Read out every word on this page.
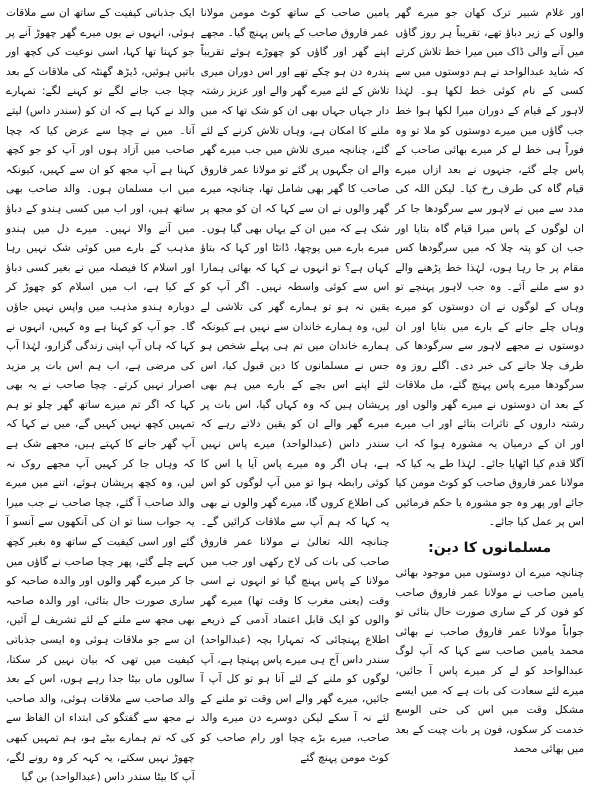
اور غلام شبیر ترک کھان جو میرے گھر والوں کے زیر دباؤ تھے، تقریباً ہر روز گاؤں میں آنے والی ڈاک میں میرا خط تلاش کرتے کہ شاید عبدالواحد نے ہم دوستوں میں سے کسی کے نام کوئی خط لکھا ہو۔ لہٰذا لاہور کے قیام کے دوران میرا لکھا ہوا خط جب گاؤں میں میرے دوستوں کو ملا تو وہ فوراً ہی خط لے کر میرے بھائی صاحب کے پاس چلے گئے، جنہوں نے بعد ازاں میرے قیام گاہ کی طرف رخ کیا۔ لیکن اللہ کی مدد سے میں نے لاہور سے سرگودھا جا کر ان لوگوں کے پاس میرا قیام گاہ بتایا اور جب ان کو پتہ چلا کہ میں سرگودھا کس مقام پر جا رہا ہوں، لہٰذا خط پڑھنے والے دو سے ملنے آئے۔ وہ جب لاہور پہنچے تو وہاں کے لوگوں نے ان دوستوں کو میرے وہاں چلے جانے کے بارے میں بتایا اور ان دوستوں نے مجھے لاہور سے سرگودھا کی طرف چلا جانے کی خبر دی۔ اگلے روز وہ سرگودھا میرے پاس پہنچ گئے، مل ملاقات کے بعد ان دوستوں نے میرے گھر والوں اور رشتہ داروں کے تاثرات بتائے اور اب میرے اور ان کے درمیان یہ مشورہ ہوا کہ اب آگلا قدم کیا اٹھایا جائے۔ لہٰذا طے یہ کیا کہ مولانا عمر فاروق صاحب کو کوٹ مومن کیا جائے اور پھر وہ جو مشورہ یا حکم فرمائیں اس پر عمل کیا جائے۔

مسلمانوں کا دین:

چنانچہ میرے ان دوستوں میں موجود بھائی یامین صاحب نے مولانا عمر فاروق صاحب کو فون کر کے ساری صورت حال بتائی تو جواباً مولانا عمر فاروق صاحب نے بھائی محمد یامین صاحب سے کہا کہ آپ لوگ عبدالواحد کو لے کر میرے پاس آ جائیں، میرے لئے سعادت کی بات ہے کہ میں ایسے مشکل وقت میں اس کی حتی الوسع خدمت کر سکوں، فون پر بات چیت کے بعد میں بھائی محمد

یامین صاحب کے ساتھ کوٹ مومن مولانا عمر فاروق صاحب کے پاس پہنچ گیا۔ مجھے اپنے گھر اور گاؤں کو چھوڑے ہوئے تقریباً پندرہ دن ہو چکے تھے اور اس دوران میری تلاش کے لئے میرے گھر والے اور عزیز رشتہ دار جہاں جہاں بھی ان کو شک تھا کہ میں ملنے کا امکان ہے، وہاں تلاش کرنے کے لئے گئے، چنانچہ میری تلاش میں جب میرے گھر والے ان جگہوں پر گئے تو مولانا عمر فاروق صاحب کا گھر بھی شامل تھا، چنانچہ میرے گھر والوں نے ان سے کہا کہ ان کو مجھ پر شک ہے کہ میں ان کے یہاں بھی گیا ہوں۔ میرے بارے میں پوچھا، ڈانٹا اور کہا کہ بتاؤ کہاں ہے؟ تو انہوں نے کہا کہ بھائی ہمارا اس سے کوئی واسطہ نہیں۔ اگر آپ کو یقین نہ ہو تو ہمارے گھر کی تلاشی لے لیں، وہ ہمارے خاندان سے نہیں ہے کیونکہ ہمارے خاندان میں تم ہی پہلے شخص ہو جس نے مسلمانوں کا دین قبول کیا، اس لئے اپنے اس بچے کے بارے میں ہم بھی پریشان ہیں کہ وہ کہاں گیا، اس بات پر میرے گھر والے ان کو یقین دلاتے رہے کہ سندر داس (عبدالواحد) میرے پاس نہیں ہے، ہاں اگر وہ میرے پاس آیا یا اس کا کوئی رابطہ ہوا تو میں آپ لوگوں کو اس کی اطلاع کروں گا، میرے گھر والوں نے بھی یہ کہا کہ ہم آپ سے ملاقات کرائیں گے۔ چنانچہ اللہ تعالیٰ نے مولانا عمر فاروق صاحب کی بات کی لاج رکھی اور جب میں مولانا کے پاس پہنچ گیا تو انہوں نے اسی وقت (یعنی مغرب کا وقت تھا) میرے گھر والوں کو ایک قابل اعتماد آدمی کے ذریعے اطلاع پہنچائی کہ تمہارا بچہ (عبدالواحد) سندر داس آج ہی میرے پاس پہنچا ہے، آپ لوگوں کو ملنے کے لئے آنا ہو تو کل آپ آ جائیں، میرے گھر والے اس وقت تو ملنے کے لئے نہ آ سکے لیکن دوسرے دن میرے والد صاحب، میرے بڑے چچا اور رام صاحب کو کوٹ مومن پہنچ گئے

ایک جذباتی کیفیت کے ساتھ ان سے ملاقات ہوئی، انہوں نے یوں میرے گھر چھوڑ آنے پر جو کہنا تھا کہا، اسی نوعیت کی کچھ اور باتیں ہوئیں، ڈیڑھ گھنٹہ کی ملاقات کے بعد چچا جب جانے لگے تو کہنے لگے: تمہارے والد نے کہا ہے کہ ان کو (سندر داس) لیتے آنا۔ میں نے چچا سے عرض کیا کہ چچا صاحب میں آزاد ہوں اور آپ کو جو کچھ کہنا ہے آپ مجھ کو ان سے کہیں، کیونکہ میں اب مسلمان ہوں۔ والد صاحب بھی ساتھ ہیں، اور اب میں کسی ہندو کے دباؤ میں آنے والا نہیں۔ میرے دل میں ہندو مذہب کے بارے میں کوئی شک نہیں رہا اور اسلام کا فیصلہ میں نے بغیر کسی دباؤ کے کیا ہے، اب میں اسلام کو چھوڑ کر دوبارہ ہندو مذہب میں واپس نہیں جاؤں گا۔ جو آپ کو کہنا ہے وہ کہیں، انہوں نے کہا کہ ہاں آپ اپنی زندگی گزارو، لہٰذا آپ کی مرضی ہے، اب ہم اس بات پر مزید اصرار نہیں کرتے۔ چچا صاحب نے یہ بھی کہا کہ اگر تم میرے ساتھ گھر چلو تو ہم تمہیں کچھ نہیں کہیں گے، میں نے کہا کہ آپ گھر جانے کا کہتے ہیں، مجھے شک ہے کہ وہاں جا کر کہیں آپ مجھے روک نہ لیں، وہ کچھ پریشان ہوئے، اتنے میں میرے والد صاحب آ گئے، چچا صاحب نے جب میرا یہ جواب سنا تو ان کی آنکھوں سے آنسو آ گئے اور اسی کیفیت کے ساتھ وہ بغیر کچھ کہے چلے گئے، پھر چچا صاحب نے گاؤں میں جا کر میرے گھر والوں اور والدہ صاحبہ کو ساری صورت حال بتائی، اور والدہ صاحبہ بھی مجھ سے ملنے کے لئے تشریف لے آئیں، ان سے جو ملاقات ہوئی وہ ایسی جذباتی کیفیت میں تھی کہ بیان نہیں کر سکتا، سالوں ماں بیٹا جدا رہے ہوں، اس کے بعد والد صاحب سے ملاقات ہوئی، والد صاحب نے مجھ سے گفتگو کی ابتداء ان الفاظ سے کی کہ تم ہمارے بیٹے ہو، ہم تمہیں کبھی چھوڑ نہیں سکتے، یہ کہہ کر وہ رونے لگے، آپ کا بیٹا سندر داس (عبدالواحد) بن گیا
